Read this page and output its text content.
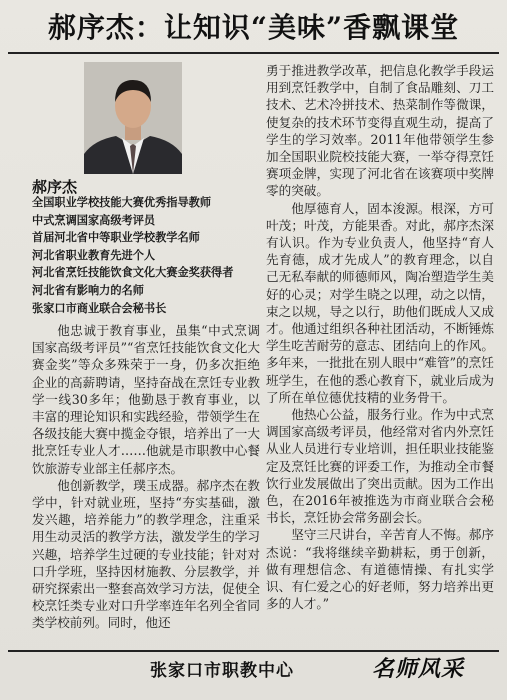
郝序杰：让知识“美味”香飘课堂
郝序杰
全国职业学校技能大赛优秀指导教师
中式烹调国家高级考评员
首届河北省中等职业学校教学名师
河北省职业教育先进个人
河北省烹饪技能饮食文化大赛金奖获得者
河北省有影响力的名师
张家口市商业联合会秘书长

他忠诚于教育事业，虽集“中式烹调国家高级考评员”“省烹饪技能饮食文化大赛金奖”等众多殊荣于一身，仍多次拒绝企业的高薪聘请，坚持奋战在烹饪专业教学一线30多年；他勤恳于教育事业，以丰富的理论知识和实践经验，带领学生在各级技能大赛中揽金夺银，培养出了一大批烹饪专业人才……他就是市职教中心餐饮旅游专业部主任郝序杰。

他创新教学，璞玉成器。郝序杰在教学中，针对就业班，坚持“夯实基础，激发兴趣，培养能力”的教学理念，注重采用生动灵活的教学方法，激发学生的学习兴趣，培养学生过硬的专业技能；针对对口升学班，坚持因材施教、分层教学，并研究探索出一整套高效学习方法，促使全校烹饪类专业对口升学率连年名列全省同类学校前列。同时，他还

勇于推进教学改革，把信息化教学手段运用到烹饪教学中，自制了食品雕刻、刀工技术、艺术冷拼技术、热菜制作等微课，使复杂的技术环节变得直观生动，提高了学生的学习效率。2011年他带领学生参加全国职业院校技能大赛，一举夺得烹饪赛项金牌，实现了河北省在该赛项中奖牌零的突破。

他厚德育人，固本浚源。根深，方可叶茂；叶茂，方能果香。对此，郝序杰深有认识。作为专业负责人，他坚持“育人先育德，成才先成人”的教育理念，以自己无私奉献的师德师风，陶冶塑造学生美好的心灵；对学生晓之以理，动之以情，束之以规，导之以行，助他们既成人又成才。他通过组织各种社团活动，不断锤炼学生吃苦耐劳的意志、团结向上的作风。多年来，一批批在别人眼中“难管”的烹饪班学生，在他的悉心教育下，就业后成为了所在单位德优技精的业务骨干。

他热心公益，服务行业。作为中式烹调国家高级考评员，他经常对省内外烹饪从业人员进行专业培训，担任职业技能鉴定及烹饪比赛的评委工作，为推动全市餐饮行业发展做出了突出贡献。因为工作出色，在2016年被推选为市商业联合会秘书长，烹饪协会常务副会长。

坚守三尺讲台，辛苦育人不悔。郝序杰说：“我将继续辛勤耕耘，勇于创新，做有理想信念、有道德情操、有扎实学识、有仁爱之心的好老师，努力培养出更多的人才。”

张家口市职教中心	名师风采
